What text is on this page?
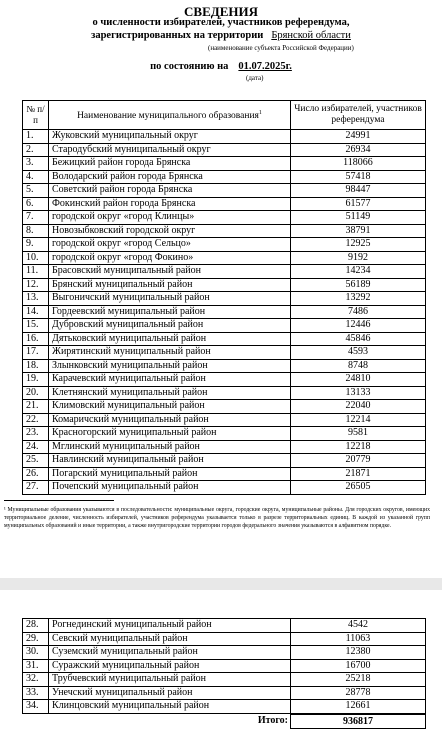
СВЕДЕНИЯ
о численности избирателей, участников референдума,
зарегистрированных на территории Брянской области
(наименование субъекта Российской Федерации)
по состоянию на 01.07.2025г.
(дата)
№ п/п	Наименование муниципального образования$^1$	Число избирателей, участников референдума
1.	Жуковский муниципальный округ	24991
2.	Стародубский муниципальный округ	26934
3.	Бежицкий район города Брянска	118066
4.	Володарский район города Брянска	57418
5.	Советский район города Брянска	98447
6.	Фокинский район города Брянска	61577
7.	городской округ «город Клинцы»	51149
8.	Новозыбковский городской округ	38791
9.	городской округ «город Сельцо»	12925
10.	городской округ «город Фокино»	9192
11.	Брасовский муниципальный район	14234
12.	Брянский муниципальный район	56189
13.	Выгоничский муниципальный район	13292
14.	Гордеевский муниципальный район	7486
15.	Дубровский муниципальный район	12446
16.	Дятьковский муниципальный район	45846
17.	Жирятинский муниципальный район	4593
18.	Злынковский муниципальный район	8748
19.	Карачевский муниципальный район	24810
20.	Клетнянский муниципальный район	13133
21.	Климовский муниципальный район	22040
22.	Комаричский муниципальный район	12214
23.	Красногорский муниципальный район	9581
24.	Мглинский муниципальный район	12218
25.	Навлинский муниципальный район	20779
26.	Погарский муниципальный район	21871
27.	Почепский муниципальный район	26505
¹ Муниципальные образования указываются в последовательности: муниципальные округа, городские округа, муниципальные районы. Для городских округов, имеющих территориальное деление, численность избирателей, участников референдума указывается только в разрезе территориальных единиц. В каждой из указанной групп муниципальных образований и иные территории, а также внутригородские территории городов федерального значения указываются в алфавитном порядке.
28.	Рогнединский муниципальный район	4542
29.	Севский муниципальный район	11063
30.	Суземский муниципальный район	12380
31.	Суражский муниципальный район	16700
32.	Трубчевский муниципальный район	25218
33.	Унечский муниципальный район	28778
34.	Клинцовский муниципальный район	12661
Итого:	936817
